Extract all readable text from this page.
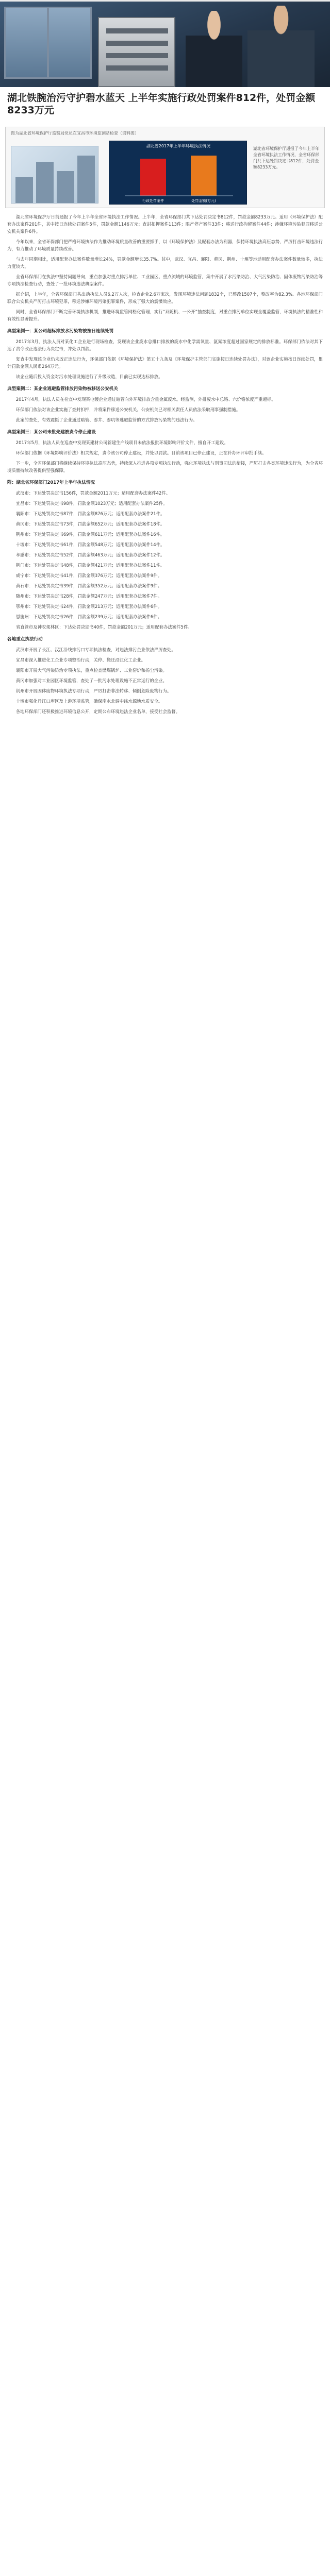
湖北铁腕治污守护碧水蓝天 上半年实施行政处罚案件812件，处罚金额8233万元
图为湖北省环境保护厅监察局党员在宜昌市环境监测站检查（资料图）
湖北省2017年上半年环境执法情况
行政处罚案件	处罚金额(万元)
湖北省环境保护厅通报了今年上半年全省环境执法工作情况，全省环保部门共下达处罚决定书812件，处罚金额8233万元。

湖北省环境保护厅日前通报了今年上半年全省环境执法工作情况。上半年，全省环保部门共下达处罚决定书812件，罚款金额8233万元。适用《环境保护法》配套办法案件201件，其中按日连续处罚案件5件，罚款金额1146万元；查封扣押案件113件；限产停产案件33件；移送行政拘留案件44件；涉嫌环境污染犯罪移送公安机关案件6件。

今年以来，全省环保部门把严格环境执法作为推动环境质量改善的重要抓手，以《环境保护法》及配套办法为利器，保持环境执法高压态势，严厉打击环境违法行为，有力推动了环境质量持续改善。

与去年同期相比，适用配套办法案件数量增长24%，罚款金额增长35.7%。其中，武汉、宜昌、襄阳、黄冈、荆州、十堰等地适用配套办法案件数量较多，执法力度较大。

全省环保部门在执法中坚持问题导向，重点加强对重点排污单位、工业园区、重点流域的环境监管，集中开展了水污染防治、大气污染防治、固体废物污染防治等专项执法检查行动，查处了一批环境违法典型案件。

据介绍，上半年，全省环保部门共出动执法人员6.2万人次，检查企业2.6万家次，发现环境违法问题1832个，已整改1507个，整改率为82.3%。各地环保部门联合公安机关严厉打击环境犯罪，移送涉嫌环境污染犯罪案件，形成了强大的震慑效应。

同时，全省环保部门不断完善环境执法机制，推进环境监管网格化管理，实行“双随机、一公开”抽查制度，对重点排污单位实现全覆盖监管，环境执法的精准性和有效性显著提升。

典型案例一：某公司超标排放水污染物被按日连续处罚

2017年3月，执法人员对某化工企业进行现场检查，发现该企业废水总排口排放的废水中化学需氧量、氨氮浓度超过国家规定的排放标准。环保部门依法对其下达了责令改正违法行为决定书，并处以罚款。

复查中发现该企业仍未改正违法行为，环保部门依据《环境保护法》第五十九条及《环境保护主管部门实施按日连续处罚办法》，对该企业实施按日连续处罚，累计罚款金额人民币264万元。

该企业随后投入资金对污水处理设施进行了升级改造，目前已实现达标排放。

典型案例二：某企业逃避监管排放污染物被移送公安机关

2017年4月，执法人员在检查中发现某电镀企业通过暗管向外环境排放含重金属废水。经监测，外排废水中总铬、六价铬浓度严重超标。

环保部门依法对该企业实施了查封扣押，并将案件移送公安机关。公安机关已对相关责任人员依法采取刑事强制措施。

此案的查处，有效震慑了企业通过暗管、渗井、渗坑等逃避监管的方式排放污染物的违法行为。

典型案例三：某公司未批先建被责令停止建设

2017年5月，执法人员在巡查中发现某建材公司新建生产线项目未依法报批环境影响评价文件，擅自开工建设。

环保部门依据《环境影响评价法》相关规定，责令该公司停止建设，并处以罚款。目前该项目已停止建设，正在补办环评审批手续。

下一步，全省环保部门将继续保持环境执法高压态势，持续深入推进各项专项执法行动，强化环境执法与刑事司法的衔接，严厉打击各类环境违法行为，为全省环境质量持续改善提供坚强保障。

附：湖北省环保部门2017年上半年执法情况

武汉市：下达处罚决定书156件，罚款金额2011万元；适用配套办法案件42件。

宜昌市：下达处罚决定书98件，罚款金额1023万元；适用配套办法案件25件。

襄阳市：下达处罚决定书87件，罚款金额876万元；适用配套办法案件21件。

黄冈市：下达处罚决定书73件，罚款金额652万元；适用配套办法案件18件。

荆州市：下达处罚决定书69件，罚款金额611万元；适用配套办法案件16件。

十堰市：下达处罚决定书61件，罚款金额548万元；适用配套办法案件14件。

孝感市：下达处罚决定书52件，罚款金额463万元；适用配套办法案件12件。

荆门市：下达处罚决定书48件，罚款金额421万元；适用配套办法案件11件。

咸宁市：下达处罚决定书41件，罚款金额376万元；适用配套办法案件9件。

黄石市：下达处罚决定书39件，罚款金额352万元；适用配套办法案件9件。

随州市：下达处罚决定书28件，罚款金额247万元；适用配套办法案件7件。

鄂州市：下达处罚决定书24件，罚款金额213万元；适用配套办法案件6件。

恩施州：下达处罚决定书26件，罚款金额239万元；适用配套办法案件6件。

省直管市及神农架林区：下达处罚决定书40件，罚款金额201万元；适用配套办法案件5件。

各地重点执法行动

武汉市开展了长江、汉江沿线排污口专项执法检查，对违法排污企业依法严厉查处。

宜昌市深入推进化工企业专项整治行动，关停、搬迁沿江化工企业。

襄阳市开展大气污染防治专项执法，重点检查燃煤锅炉、工业窑炉和扬尘污染。

黄冈市加强对工业园区环境监管，查处了一批污水处理设施不正常运行的企业。

荆州市开展固体废物环境执法专项行动，严厉打击非法转移、倾倒危险废物行为。

十堰市强化丹江口库区及上游环境监管，确保南水北调中线水源地水质安全。

各地环保部门还积极推进环境信息公开，定期公布环境违法企业名单，接受社会监督。
